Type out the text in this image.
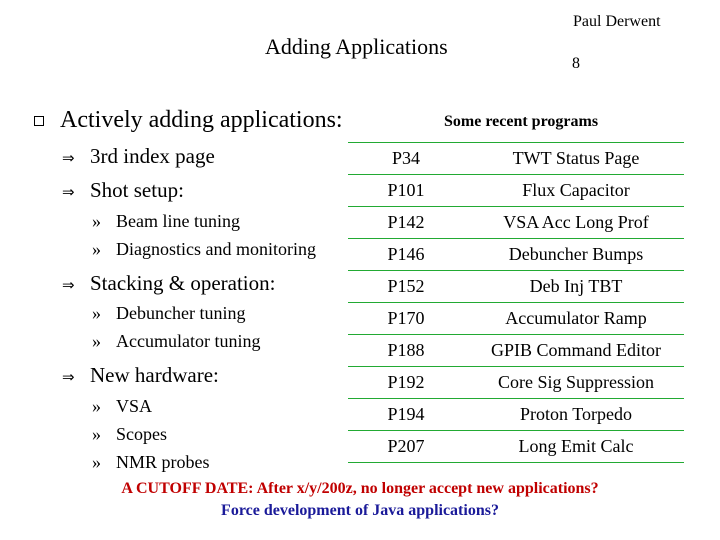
Paul Derwent
Adding Applications
8
Actively adding applications:
⇒ 3rd index page
⇒ Shot setup:
» Beam line tuning
» Diagnostics and monitoring
⇒ Stacking & operation:
» Debuncher tuning
» Accumulator tuning
⇒ New hardware:
» VSA
» Scopes
» NMR probes
Some recent programs
P34	TWT Status Page
P101	Flux Capacitor
P142	VSA Acc Long Prof
P146	Debuncher Bumps
P152	Deb Inj TBT
P170	Accumulator Ramp
P188	GPIB Command Editor
P192	Core Sig Suppression
P194	Proton Torpedo
P207	Long Emit Calc
A CUTOFF DATE: After x/y/200z, no longer accept new applications?
Force development of Java applications?
